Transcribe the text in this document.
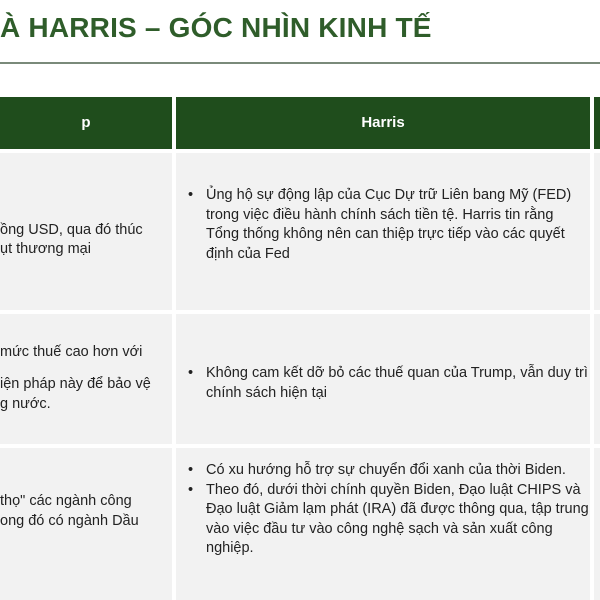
À HARRIS – GÓC NHÌN KINH TẾ
p	Harris
ồng USD, qua đó thúc
ụt thương mại
• Ủng hộ sự động lập của Cục Dự trữ Liên bang Mỹ (FED) trong việc điều hành chính sách tiền tệ. Harris tin rằng Tổng thống không nên can thiệp trực tiếp vào các quyết định của Fed
mức thuế cao hơn với
iện pháp này để bảo vệ
g nước.
• Không cam kết dỡ bỏ các thuế quan của Trump, vẫn duy trì chính sách hiện tại
thọ" các ngành công
ong đó có ngành Dầu
• Có xu hướng hỗ trợ sự chuyển đổi xanh của thời Biden.
• Theo đó, dưới thời chính quyền Biden, Đạo luật CHIPS và Đạo luật Giảm lạm phát (IRA) đã được thông qua, tập trung vào việc đầu tư vào công nghệ sạch và sản xuất công nghiệp.
